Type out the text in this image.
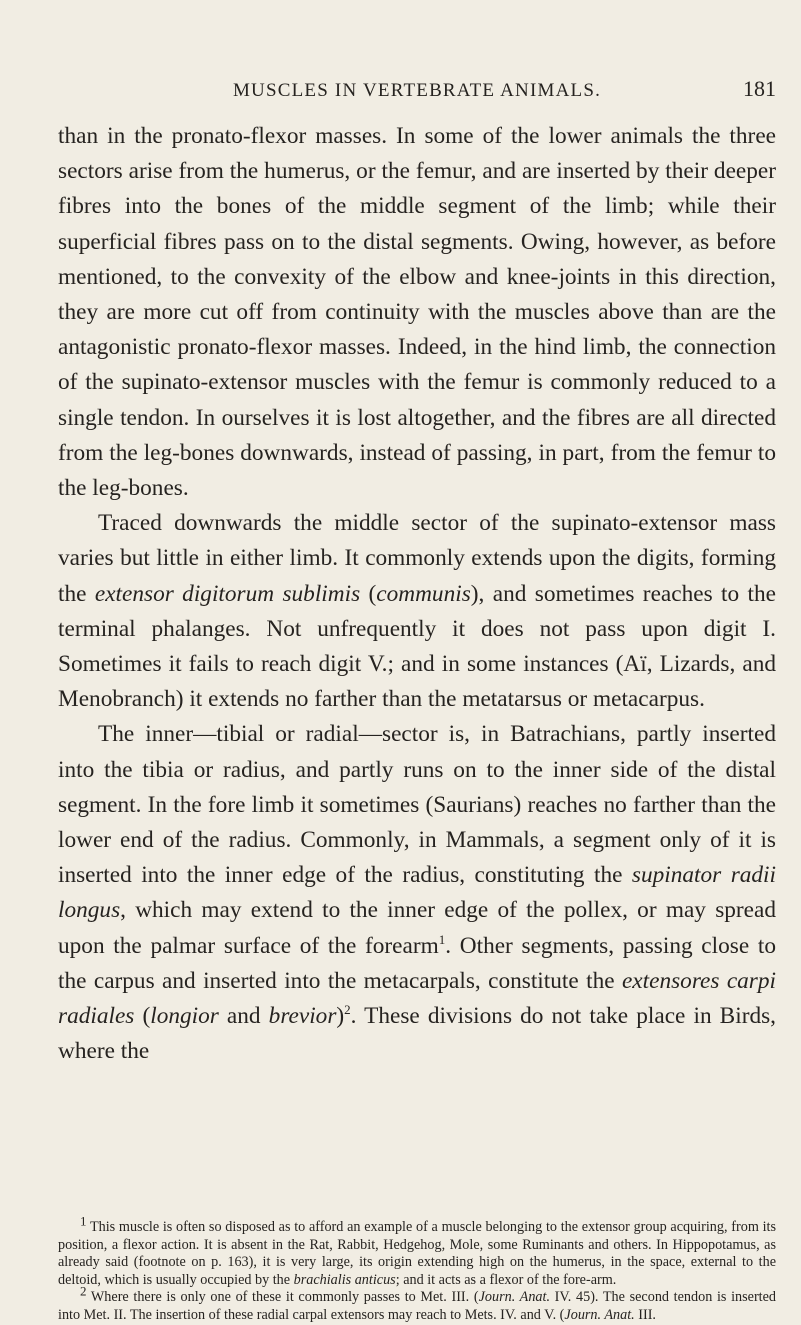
MUSCLES IN VERTEBRATE ANIMALS.	181

than in the pronato-flexor masses. In some of the lower animals the three sectors arise from the humerus, or the femur, and are inserted by their deeper fibres into the bones of the middle segment of the limb; while their superficial fibres pass on to the distal segments. Owing, however, as before mentioned, to the convexity of the elbow and knee-joints in this direction, they are more cut off from continuity with the muscles above than are the antagonistic pronato-flexor masses. Indeed, in the hind limb, the connection of the supinato-extensor muscles with the femur is commonly reduced to a single tendon. In ourselves it is lost altogether, and the fibres are all directed from the leg-bones downwards, instead of passing, in part, from the femur to the leg-bones.

Traced downwards the middle sector of the supinato-extensor mass varies but little in either limb. It commonly extends upon the digits, forming the extensor digitorum sublimis (communis), and sometimes reaches to the terminal phalanges. Not unfrequently it does not pass upon digit I. Sometimes it fails to reach digit V.; and in some instances (Aï, Lizards, and Menobranch) it extends no farther than the metatarsus or metacarpus.

The inner—tibial or radial—sector is, in Batrachians, partly inserted into the tibia or radius, and partly runs on to the inner side of the distal segment. In the fore limb it sometimes (Saurians) reaches no farther than the lower end of the radius. Commonly, in Mammals, a segment only of it is inserted into the inner edge of the radius, constituting the supinator radii longus, which may extend to the inner edge of the pollex, or may spread upon the palmar surface of the forearm$^1$. Other segments, passing close to the carpus and inserted into the metacarpals, constitute the extensores carpi radiales (longior and brevior)$^2$. These divisions do not take place in Birds, where the

$^1$ This muscle is often so disposed as to afford an example of a muscle belonging to the extensor group acquiring, from its position, a flexor action. It is absent in the Rat, Rabbit, Hedgehog, Mole, some Ruminants and others. In Hippopotamus, as already said (footnote on p. 163), it is very large, its origin extending high on the humerus, in the space, external to the deltoid, which is usually occupied by the brachialis anticus; and it acts as a flexor of the fore-arm.

$^2$ Where there is only one of these it commonly passes to Met. III. (Journ. Anat. IV. 45). The second tendon is inserted into Met. II. The insertion of these radial carpal extensors may reach to Mets. IV. and V. (Journ. Anat. III.
